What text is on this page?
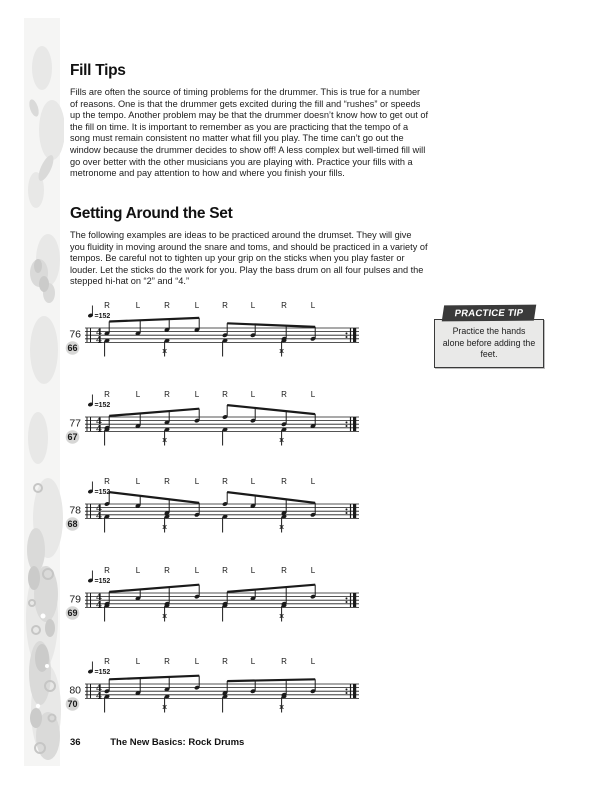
Fill Tips

Fills are often the source of timing problems for the drummer. This is true for a number of reasons. One is that the drummer gets excited during the fill and “rushes” or speeds up the tempo. Another problem may be that the drummer doesn’t know how to get out of the fill on time. It is important to remember as you are practicing that the tempo of a song must remain consistent no matter what fill you play. The time can’t go out the window because the drummer decides to show off! A less complex but well-timed fill will go over better with the other musicians you are playing with. Practice your fills with a metronome and pay attention to how and where you finish your fills.

Getting Around the Set

The following examples are ideas to be practiced around the drumset. They will give you fluidity in moving around the snare and toms, and should be practiced in a variety of tempos. Be careful not to tighten up your grip on the sticks when you play faster or louder. Let the sticks do the work for you. Play the bass drum on all four pulses and the stepped hi-hat on “2” and “4.”

PRACTICE TIP
Practice the hands alone before adding the feet.
4
4
=152
76
66
R	L	R	L	R	L	R	L
4
4
=152
77
67
R	L	R	L	R	L	R	L
4
4
=152
78
68
R	L	R	L	R	L	R	L
4
4
=152
79
69
R	L	R	L	R	L	R	L
4
4
=152
80
70
R	L	R	L	R	L	R	L
36	The New Basics: Rock Drums
